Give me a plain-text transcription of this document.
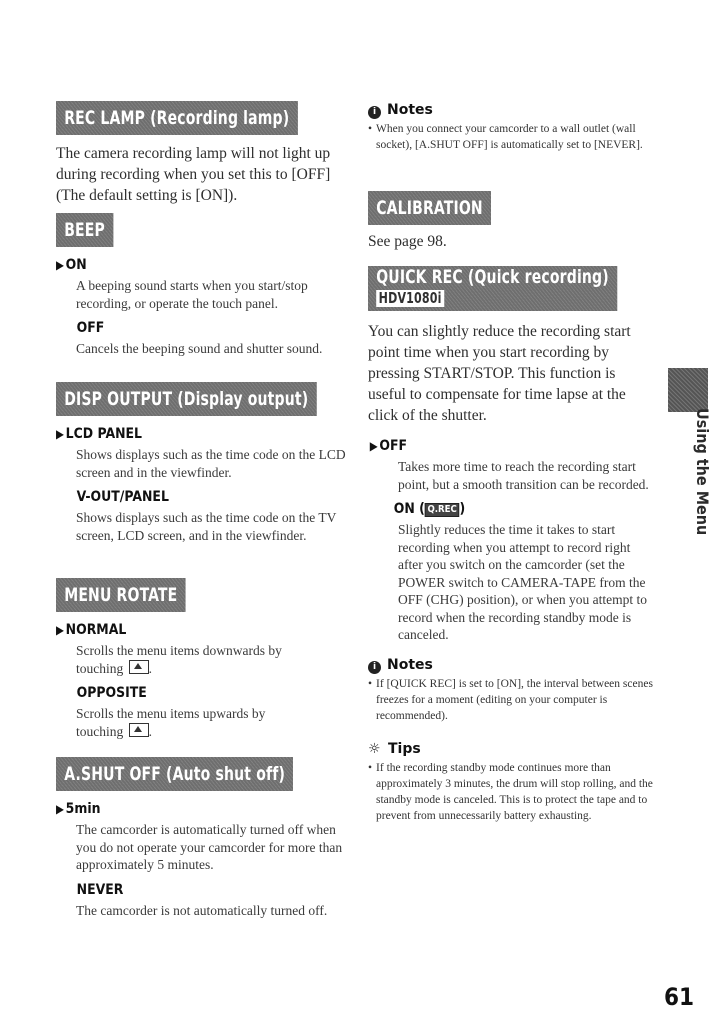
REC LAMP (Recording lamp)

The camera recording lamp will not light up during recording when you set this to [OFF] (The default setting is [ON]).

BEEP

▶ ON

A beeping sound starts when you start/stop recording, or operate the touch panel.

OFF

Cancels the beeping sound and shutter sound.

DISP OUTPUT (Display output)

▶ LCD PANEL

Shows displays such as the time code on the LCD screen and in the viewfinder.

V-OUT/PANEL

Shows displays such as the time code on the TV screen, LCD screen, and in the viewfinder.

MENU ROTATE

▶ NORMAL

Scrolls the menu items downwards by
touching .

OPPOSITE

Scrolls the menu items upwards by
touching .

A.SHUT OFF (Auto shut off)

▶ 5min

The camcorder is automatically turned off when you do not operate your camcorder for more than approximately 5 minutes.

NEVER

The camcorder is not automatically turned off.

i Notes

• When you connect your camcorder to a wall outlet (wall socket), [A.SHUT OFF] is automatically set to [NEVER].

CALIBRATION

See page 98.

QUICK REC (Quick recording)
HDV1080i

You can slightly reduce the recording start point time when you start recording by pressing START/STOP. This function is useful to compensate for time lapse at the click of the shutter.

▶ OFF

Takes more time to reach the recording start point, but a smooth transition can be recorded.

ON ( Q.REC )

Slightly reduces the time it takes to start recording when you attempt to record right after you switch on the camcorder (set the POWER switch to CAMERA-TAPE from the OFF (CHG) position), or when you attempt to record when the recording standby mode is canceled.

i Notes

• If [QUICK REC] is set to [ON], the interval between scenes freezes for a moment (editing on your computer is recommended).

☼ Tips

• If the recording standby mode continues more than approximately 3 minutes, the drum will stop rolling, and the standby mode is canceled. This is to protect the tape and to prevent from unnecessarily battery exhausting.

Using the Menu
61
